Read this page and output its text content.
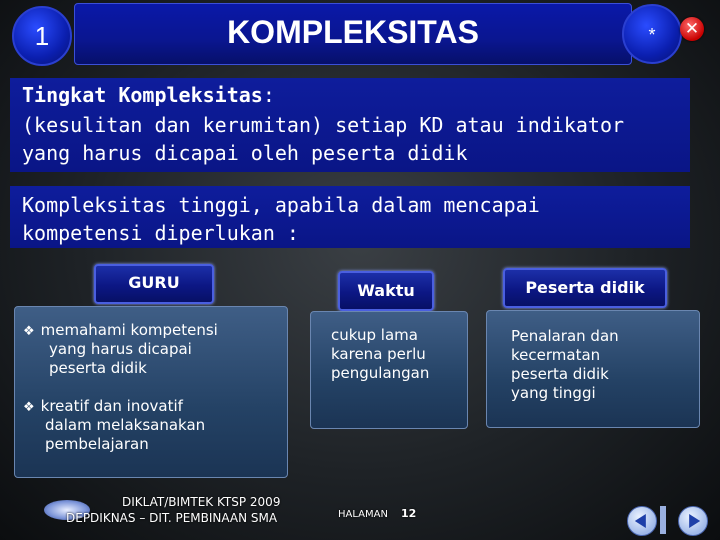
1	KOMPLEKSITAS	*	✕
Tingkat Kompleksitas:
(kesulitan dan kerumitan) setiap KD atau indikator
yang harus dicapai oleh peserta didik
Kompleksitas tinggi, apabila dalam mencapai
kompetensi diperlukan :
GURU
❖ memahami kompetensi
yang harus dicapai
peserta didik
❖ kreatif dan inovatif
dalam melaksanakan
pembelajaran
Waktu
cukup lama
karena perlu
pengulangan
Peserta didik
Penalaran dan
kecermatan
peserta didik
yang tinggi
DIKLAT/BIMTEK KTSP 2009
DEPDIKNAS – DIT. PEMBINAAN SMA	HALAMAN 12
